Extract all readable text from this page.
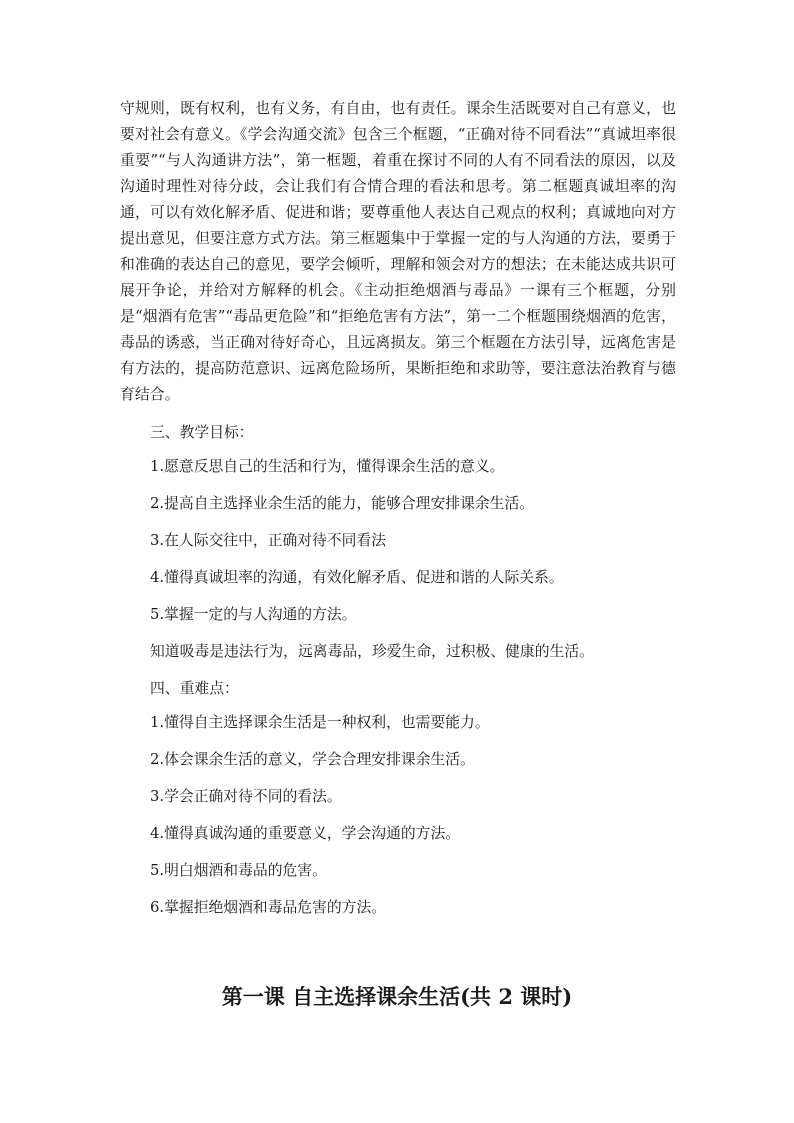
守规则，既有权利，也有义务，有自由，也有责任。课余生活既要对自己有意义，也要对社会有意义。《学会沟通交流》包含三个框题，“正确对待不同看法”“真诚坦率很重要”“与人沟通讲方法”，第一框题，着重在探讨不同的人有不同看法的原因，以及沟通时理性对待分歧，会让我们有合情合理的看法和思考。第二框题真诚坦率的沟通，可以有效化解矛盾、促进和谐；要尊重他人表达自己观点的权利；真诚地向对方提出意见，但要注意方式方法。第三框题集中于掌握一定的与人沟通的方法，要勇于和准确的表达自己的意见，要学会倾听，理解和领会对方的想法；在未能达成共识可展开争论，并给对方解释的机会。《主动拒绝烟酒与毒品》一课有三个框题，分别是“烟酒有危害”“毒品更危险”和“拒绝危害有方法”，第一二个框题围绕烟酒的危害，毒品的诱惑，当正确对待好奇心，且远离损友。第三个框题在方法引导，远离危害是有方法的，提高防范意识、远离危险场所，果断拒绝和求助等，要注意法治教育与德育结合。

三、教学目标：

1.愿意反思自己的生活和行为，懂得课余生活的意义。

2.提高自主选择业余生活的能力，能够合理安排课余生活。

3.在人际交往中，正确对待不同看法

4.懂得真诚坦率的沟通，有效化解矛盾、促进和谐的人际关系。

5.掌握一定的与人沟通的方法。

知道吸毒是违法行为，远离毒品，珍爱生命，过积极、健康的生活。

四、重难点：

1.懂得自主选择课余生活是一种权利，也需要能力。

2.体会课余生活的意义，学会合理安排课余生活。

3.学会正确对待不同的看法。

4.懂得真诚沟通的重要意义，学会沟通的方法。

5.明白烟酒和毒品的危害。

6.掌握拒绝烟酒和毒品危害的方法。

第一课 自主选择课余生活(共 2 课时)
